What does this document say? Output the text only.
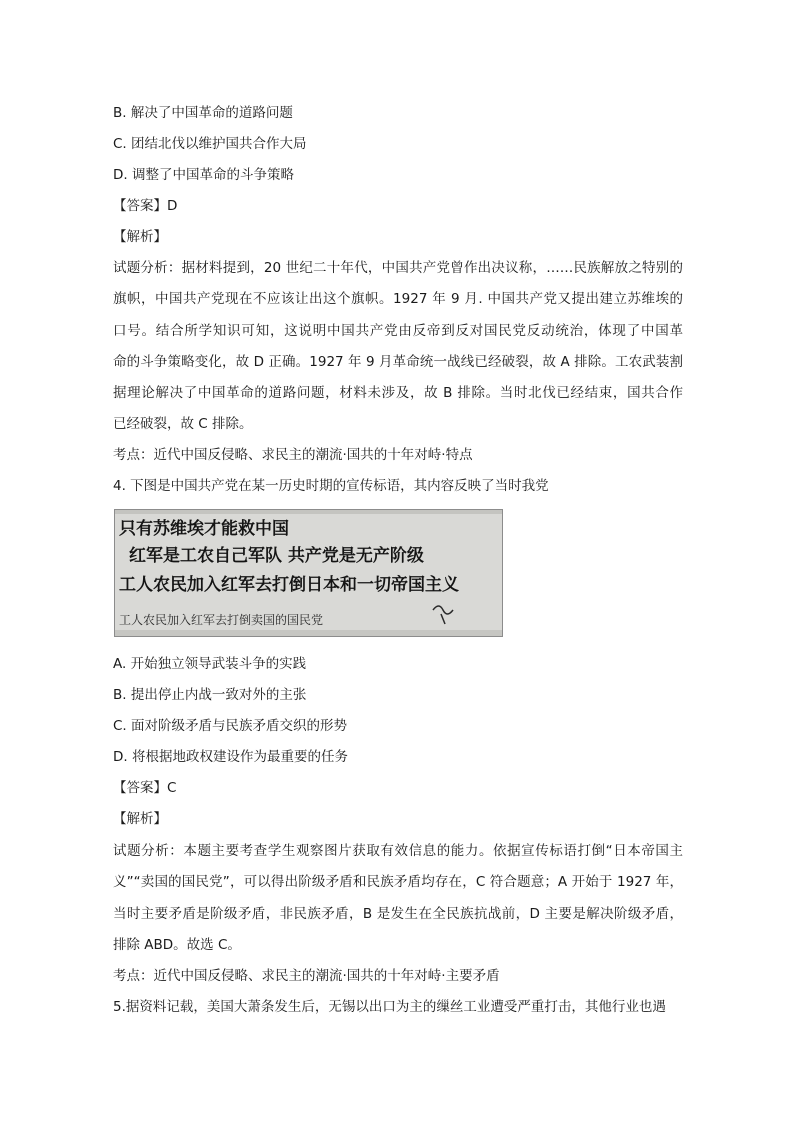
B. 解决了中国革命的道路问题
C. 团结北伐以维护国共合作大局
D. 调整了中国革命的斗争策略
【答案】D
【解析】
试题分析：据材料提到，20 世纪二十年代，中国共产党曾作出决议称，……民族解放之特别的
旗帜，中国共产党现在不应该让出这个旗帜。1927 年 9 月. 中国共产党又提出建立苏维埃的
口号。结合所学知识可知，这说明中国共产党由反帝到反对国民党反动统治，体现了中国革
命的斗争策略变化，故 D 正确。1927 年 9 月革命统一战线已经破裂，故 A 排除。工农武装割
据理论解决了中国革命的道路问题，材料未涉及，故 B 排除。当时北伐已经结束，国共合作
已经破裂，故 C 排除。
考点：近代中国反侵略、求民主的潮流·国共的十年对峙·特点
4. 下图是中国共产党在某一历史时期的宣传标语，其内容反映了当时我党
只有苏维埃才能救中国
红军是工农自己军队 共产党是无产阶级
工人农民加入红军去打倒日本和一切帝国主义
工人农民加入红军去打倒卖国的国民党
A. 开始独立领导武装斗争的实践
B. 提出停止内战一致对外的主张
C. 面对阶级矛盾与民族矛盾交织的形势
D. 将根据地政权建设作为最重要的任务
【答案】C
【解析】
试题分析：本题主要考查学生观察图片获取有效信息的能力。依据宣传标语打倒“日本帝国主
义”“卖国的国民党”，可以得出阶级矛盾和民族矛盾均存在，C 符合题意；A 开始于 1927 年，
当时主要矛盾是阶级矛盾，非民族矛盾，B 是发生在全民族抗战前，D 主要是解决阶级矛盾，
排除 ABD。故选 C。
考点：近代中国反侵略、求民主的潮流·国共的十年对峙·主要矛盾
5.据资料记载，美国大萧条发生后，无锡以出口为主的缫丝工业遭受严重打击，其他行业也遇
